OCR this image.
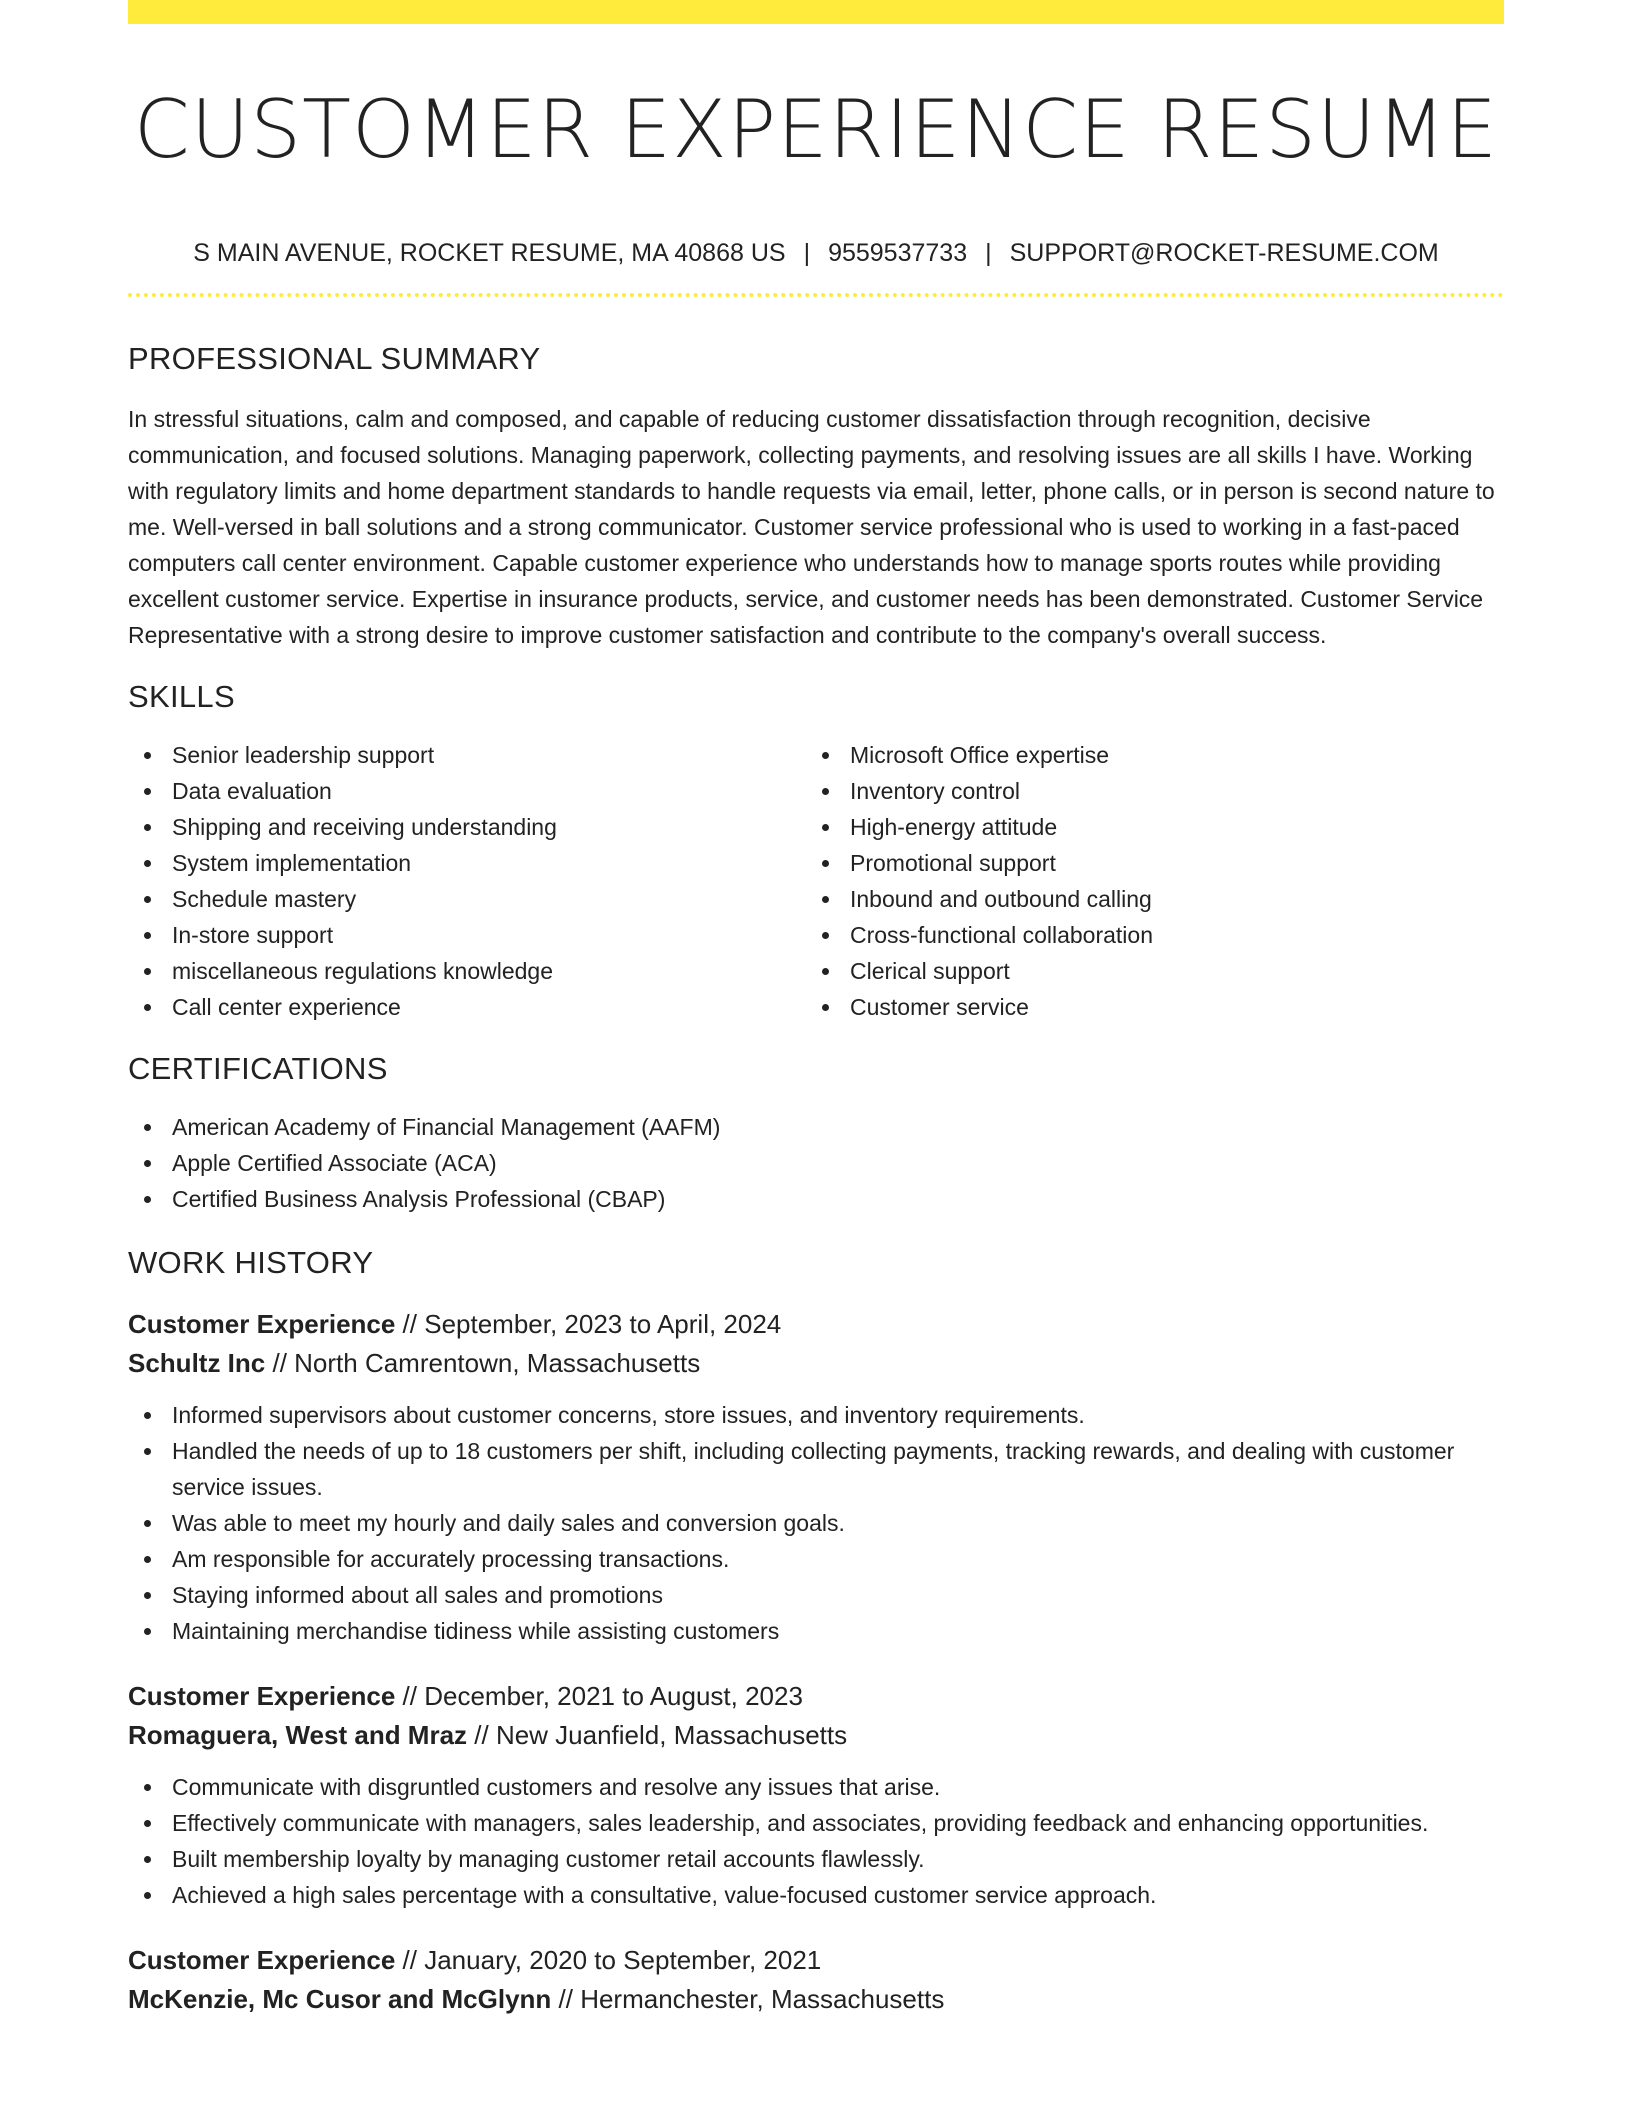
CUSTOMER EXPERIENCE RESUME
S MAIN AVENUE, ROCKET RESUME, MA 40868 US | 9559537733 | SUPPORT@ROCKET-RESUME.COM
PROFESSIONAL SUMMARY

In stressful situations, calm and composed, and capable of reducing customer dissatisfaction through recognition, decisive communication, and focused solutions. Managing paperwork, collecting payments, and resolving issues are all skills I have. Working with regulatory limits and home department standards to handle requests via email, letter, phone calls, or in person is second nature to me. Well-versed in ball solutions and a strong communicator. Customer service professional who is used to working in a fast-paced computers call center environment. Capable customer experience who understands how to manage sports routes while providing excellent customer service. Expertise in insurance products, service, and customer needs has been demonstrated. Customer Service Representative with a strong desire to improve customer satisfaction and contribute to the company's overall success.

SKILLS
Senior leadership support
Data evaluation
Shipping and receiving understanding
System implementation
Schedule mastery
In-store support
miscellaneous regulations knowledge
Call center experience
Microsoft Office expertise
Inventory control
High-energy attitude
Promotional support
Inbound and outbound calling
Cross-functional collaboration
Clerical support
Customer service
CERTIFICATIONS
American Academy of Financial Management (AAFM)
Apple Certified Associate (ACA)
Certified Business Analysis Professional (CBAP)
WORK HISTORY
Customer Experience // September, 2023 to April, 2024
Schultz Inc // North Camrentown, Massachusetts
Informed supervisors about customer concerns, store issues, and inventory requirements.
Handled the needs of up to 18 customers per shift, including collecting payments, tracking rewards, and dealing with customer service issues.
Was able to meet my hourly and daily sales and conversion goals.
Am responsible for accurately processing transactions.
Staying informed about all sales and promotions
Maintaining merchandise tidiness while assisting customers
Customer Experience // December, 2021 to August, 2023
Romaguera, West and Mraz // New Juanfield, Massachusetts
Communicate with disgruntled customers and resolve any issues that arise.
Effectively communicate with managers, sales leadership, and associates, providing feedback and enhancing opportunities.
Built membership loyalty by managing customer retail accounts flawlessly.
Achieved a high sales percentage with a consultative, value-focused customer service approach.
Customer Experience // January, 2020 to September, 2021
McKenzie, Mc Cusor and McGlynn // Hermanchester, Massachusetts
